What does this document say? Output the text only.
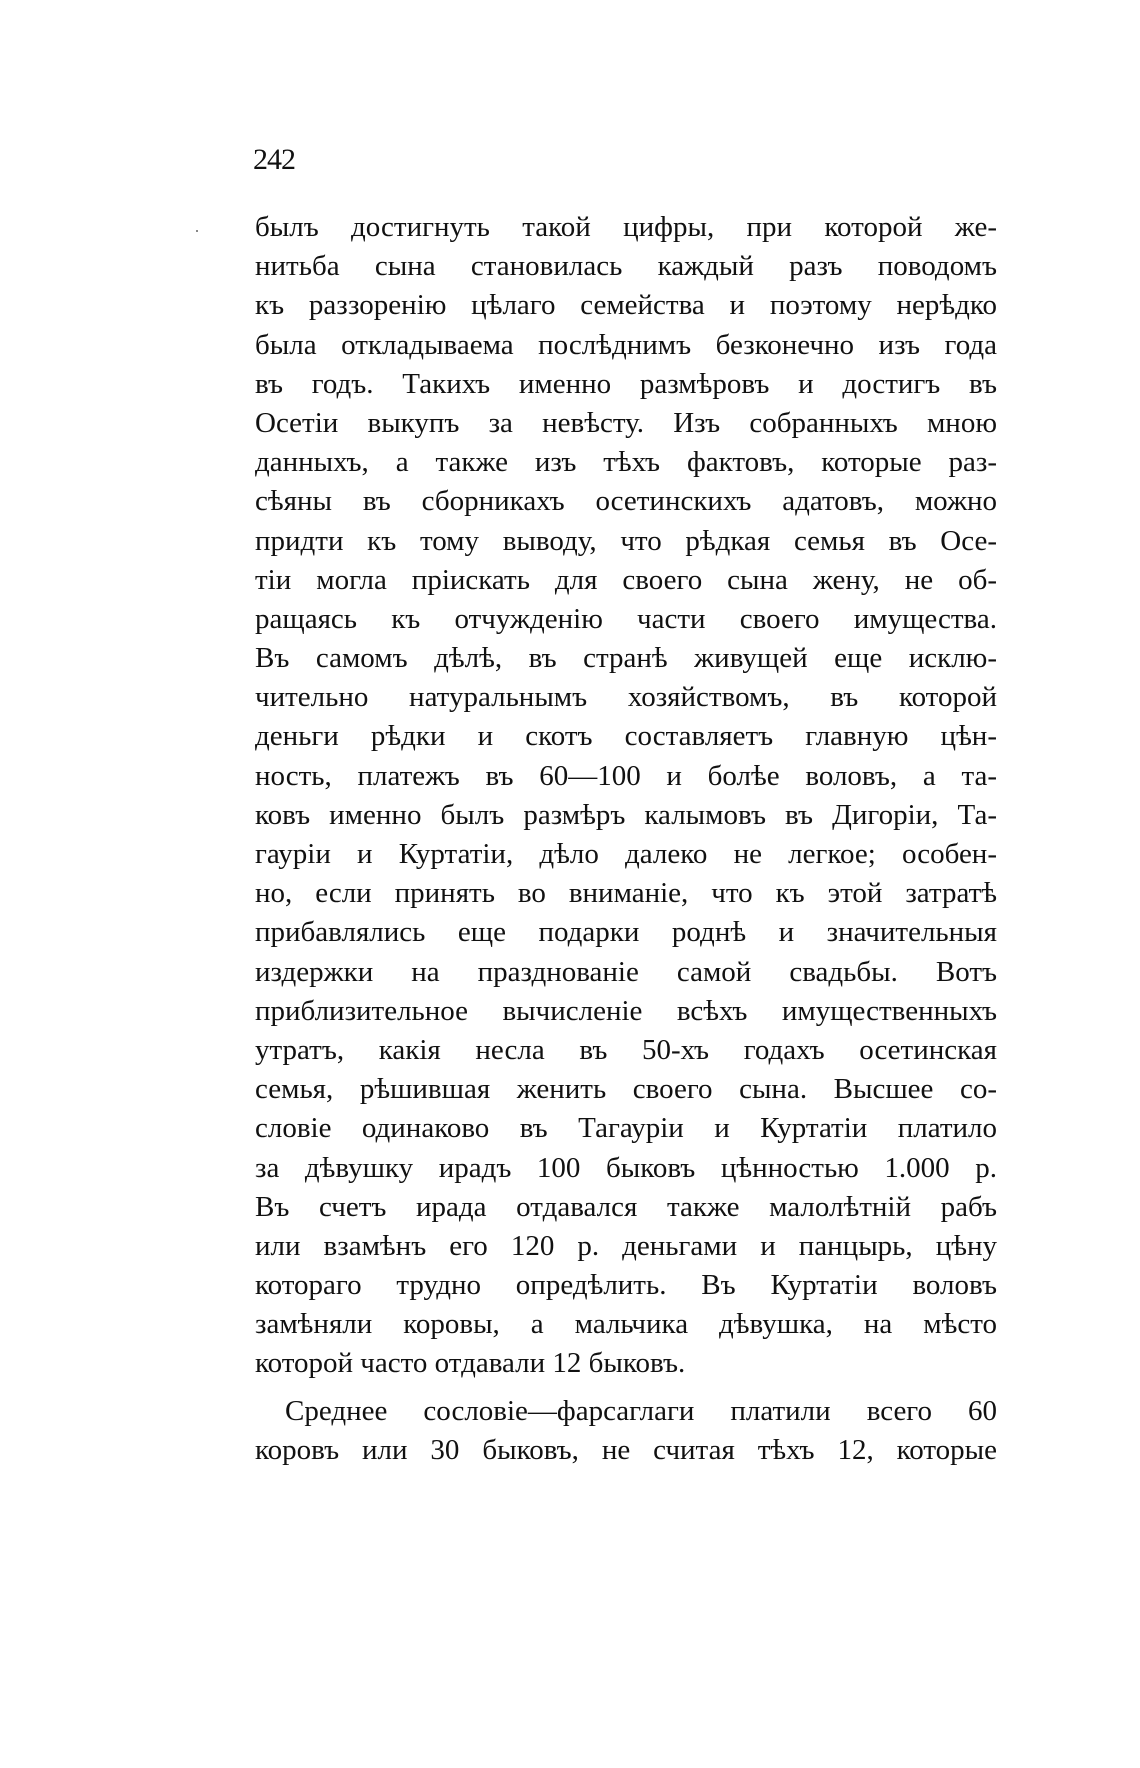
242
былъ достигнуть такой цифры, при которой же-
нитьба сына становилась каждый разъ поводомъ
къ раззоренію цѣлаго семейства и поэтому нерѣдко
была откладываема послѣднимъ безконечно изъ года
въ годъ. Такихъ именно размѣровъ и достигъ въ
Осетіи выкупъ за невѣсту. Изъ собранныхъ мною
данныхъ, а также изъ тѣхъ фактовъ, которые раз-
сѣяны въ сборникахъ осетинскихъ адатовъ, можно
придти къ тому выводу, что рѣдкая семья въ Осе-
тіи могла пріискать для своего сына жену, не об-
ращаясь къ отчужденію части своего имущества.
Въ самомъ дѣлѣ, въ странѣ живущей еще исклю-
чительно натуральнымъ хозяйствомъ, въ которой
деньги рѣдки и скотъ составляетъ главную цѣн-
ность, платежъ въ 60—100 и болѣе воловъ, а та-
ковъ именно былъ размѣръ калымовъ въ Дигоріи, Та-
гауріи и Куртатіи, дѣло далеко не легкое; особен-
но, если принять во вниманіе, что къ этой затратѣ
прибавлялись еще подарки роднѣ и значительныя
издержки на празднованіе самой свадьбы. Вотъ
приблизительное вычисленіе всѣхъ имущественныхъ
утратъ, какія несла въ 50-хъ годахъ осетинская
семья, рѣшившая женить своего сына. Высшее со-
словіе одинаково въ Тагауріи и Куртатіи платило
за дѣвушку ирадъ 100 быковъ цѣнностью 1.000 р.
Въ счетъ ирада отдавался также малолѣтній рабъ
или взамѣнъ его 120 р. деньгами и панцырь, цѣну
котораго трудно опредѣлить. Въ Куртатіи воловъ
замѣняли коровы, а мальчика дѣвушка, на мѣсто
которой часто отдавали 12 быковъ.
Среднее сословіе—фарсаглаги платили всего 60
коровъ или 30 быковъ, не считая тѣхъ 12, которые
